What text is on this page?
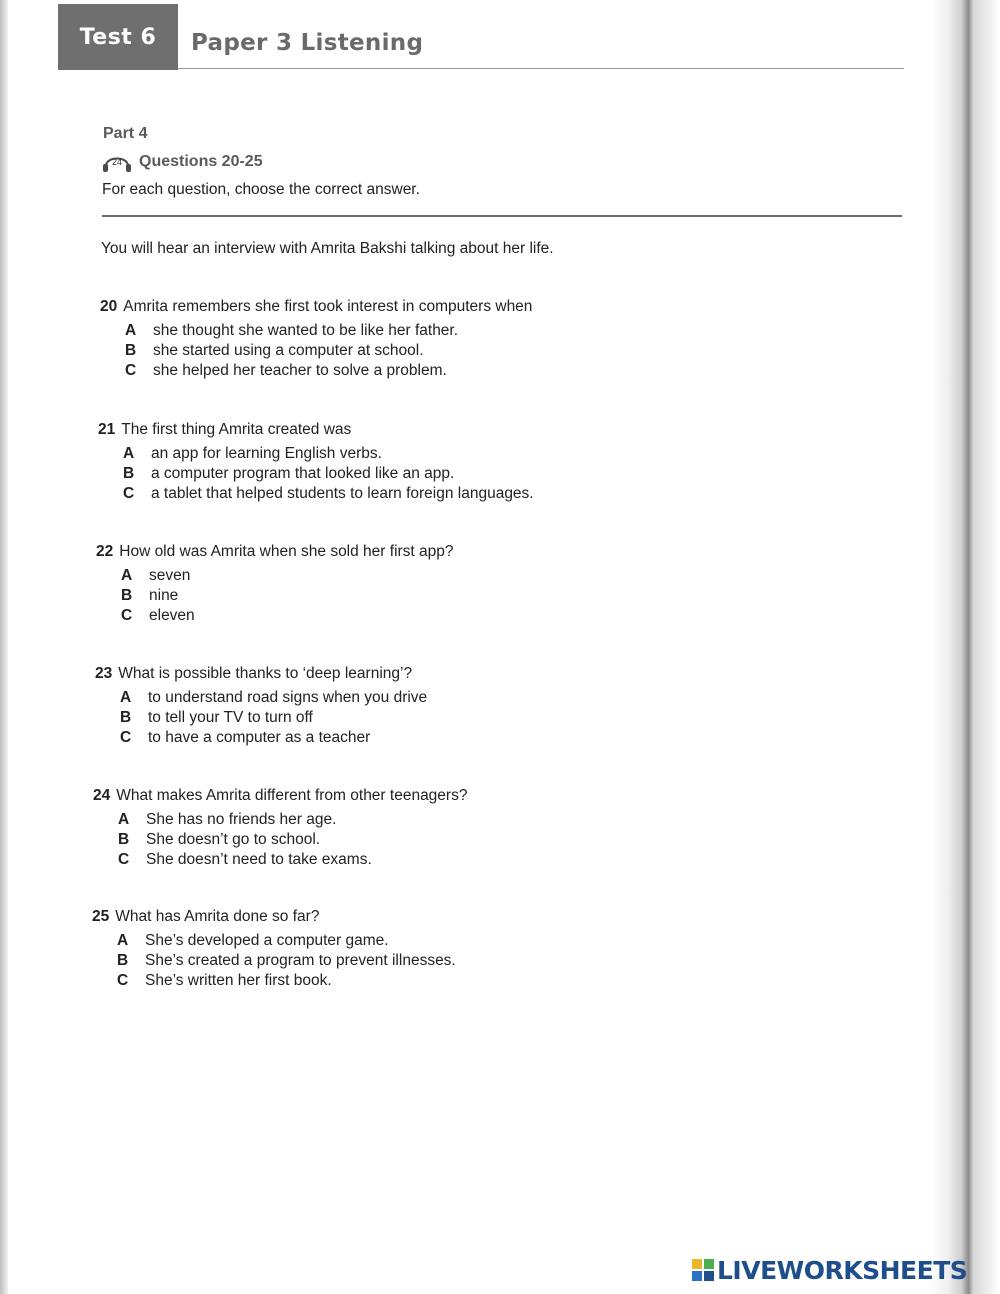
Test 6	Paper 3 Listening
Part 4
24 Questions 20-25
For each question, choose the correct answer.
You will hear an interview with Amrita Bakshi talking about her life.
20 Amrita remembers she first took interest in computers when
A	she thought she wanted to be like her father.
B	she started using a computer at school.
C	she helped her teacher to solve a problem.
21 The first thing Amrita created was
A	an app for learning English verbs.
B	a computer program that looked like an app.
C	a tablet that helped students to learn foreign languages.
22 How old was Amrita when she sold her first app?
A	seven
B	nine
C	eleven
23 What is possible thanks to ‘deep learning’?
A	to understand road signs when you drive
B	to tell your TV to turn off
C	to have a computer as a teacher
24 What makes Amrita different from other teenagers?
A	She has no friends her age.
B	She doesn’t go to school.
C	She doesn’t need to take exams.
25 What has Amrita done so far?
A	She’s developed a computer game.
B	She’s created a program to prevent illnesses.
C	She’s written her first book.
LIVEWORKSHEETS
